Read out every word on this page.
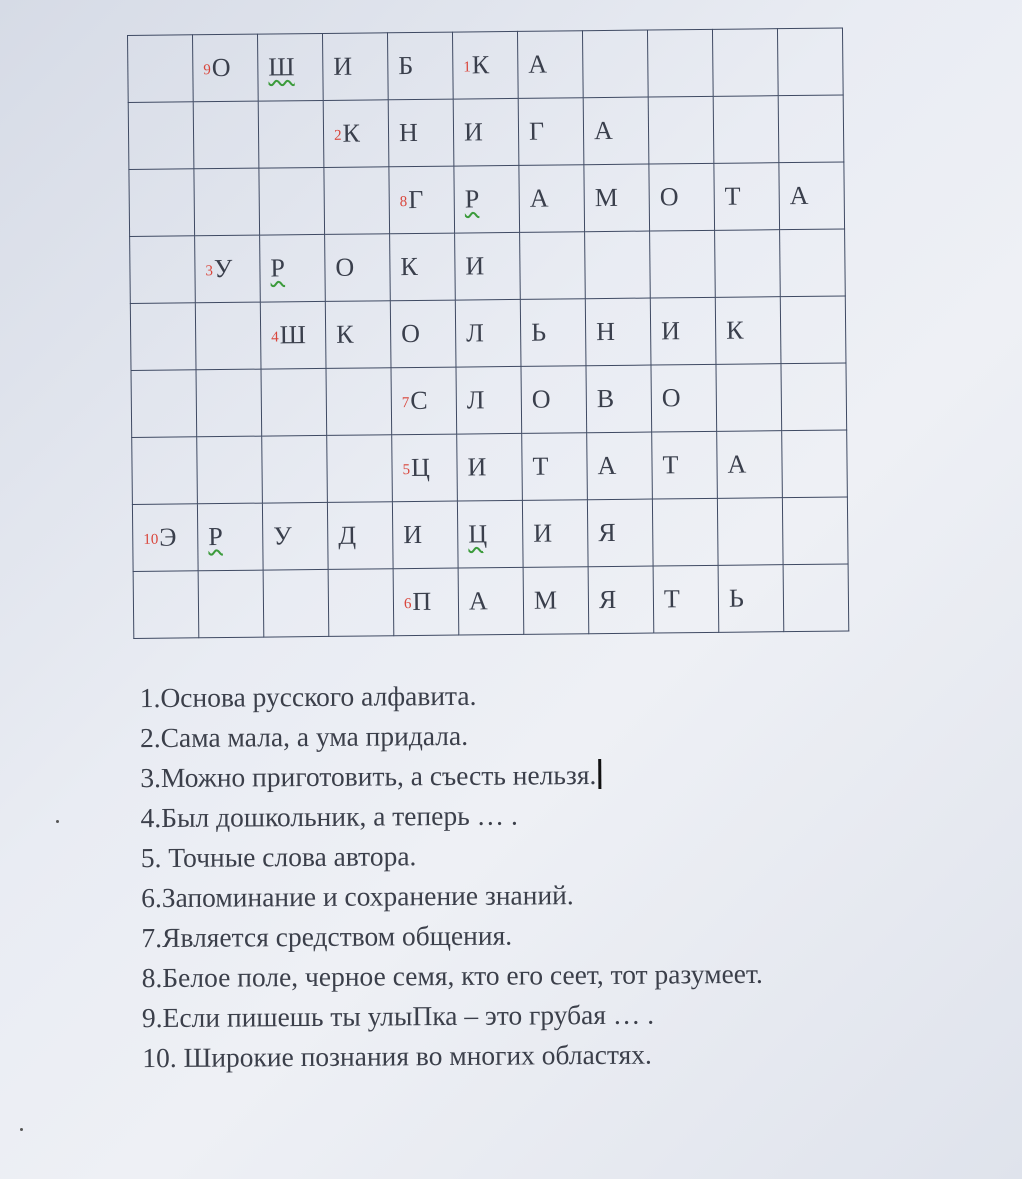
	9 О	Ш	И	Б	1 К	А				

			2 К	Н	И	Г	А			

				8 Г	Р	А	М	О	Т	А

	3 У	Р	О	К	И					

		4 Ш	К	О	Л	Ь	Н	И	К	

				7 С	Л	О	В	О		

				5 Ц	И	Т	А	Т	А	

10 Э	Р	У	Д	И	Ц	И	Я			

				6 П	А	М	Я	Т	Ь	

1.Основа русского алфавита.
2.Сама мала, а ума придала.
3.Можно приготовить, а съесть нельзя.
4.Был дошкольник, а теперь … .
5. Точные слова автора.
6.Запоминание и сохранение знаний.
7.Является средством общения.
8.Белое поле, черное семя, кто его сеет, тот разумеет.
9.Если пишешь ты улыПка – это грубая … .
10. Широкие познания во многих областях.
